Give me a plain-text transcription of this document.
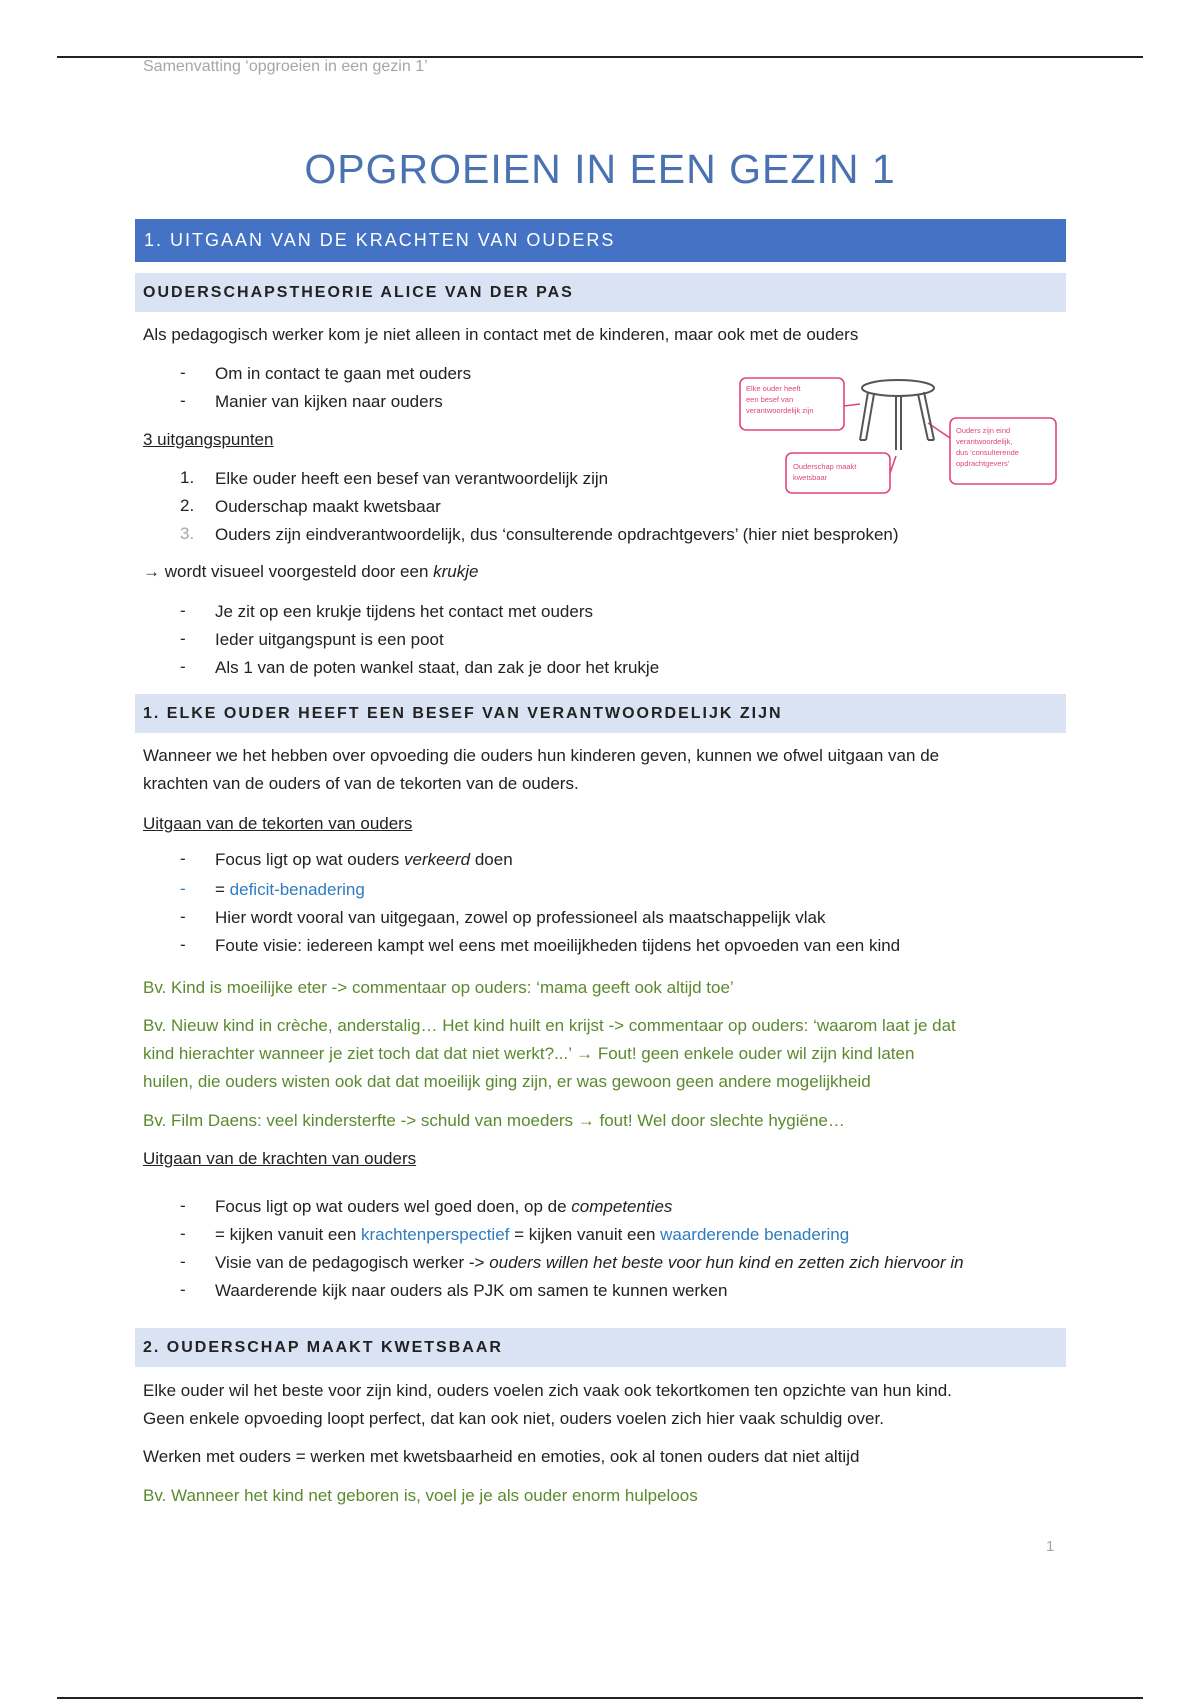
Samenvatting ‘opgroeien in een gezin 1’
OPGROEIEN IN EEN GEZIN 1
1. UITGAAN VAN DE KRACHTEN VAN OUDERS
OUDERSCHAPSTHEORIE ALICE VAN DER PAS
Als pedagogisch werker kom je niet alleen in contact met de kinderen, maar ook met de ouders
- Om in contact te gaan met ouders
- Manier van kijken naar ouders
3 uitgangspunten
1. Elke ouder heeft een besef van verantwoordelijk zijn
2. Ouderschap maakt kwetsbaar
3. Ouders zijn eindverantwoordelijk, dus ‘consulterende opdrachtgevers’ (hier niet besproken)
→ wordt visueel voorgesteld door een krukje
- Je zit op een krukje tijdens het contact met ouders
- Ieder uitgangspunt is een poot
- Als 1 van de poten wankel staat, dan zak je door het krukje
Elke ouder heeft
een besef van
verantwoordelijk zijn
Ouderschap maakt
kwetsbaar
Ouders zijn eind
verantwoordelijk,
dus ‘consulterende
opdrachtgevers’
1. ELKE OUDER HEEFT EEN BESEF VAN VERANTWOORDELIJK ZIJN
Wanneer we het hebben over opvoeding die ouders hun kinderen geven, kunnen we ofwel uitgaan van de
krachten van de ouders of van de tekorten van de ouders.
Uitgaan van de tekorten van ouders
- Focus ligt op wat ouders verkeerd doen
- = deficit-benadering
- Hier wordt vooral van uitgegaan, zowel op professioneel als maatschappelijk vlak
- Foute visie: iedereen kampt wel eens met moeilijkheden tijdens het opvoeden van een kind
Bv. Kind is moeilijke eter -> commentaar op ouders: ‘mama geeft ook altijd toe’
Bv. Nieuw kind in crèche, anderstalig… Het kind huilt en krijst -> commentaar op ouders: ‘waarom laat je dat
kind hierachter wanneer je ziet toch dat dat niet werkt?...’ → Fout! geen enkele ouder wil zijn kind laten
huilen, die ouders wisten ook dat dat moeilijk ging zijn, er was gewoon geen andere mogelijkheid
Bv. Film Daens: veel kindersterfte -> schuld van moeders → fout! Wel door slechte hygiëne…
Uitgaan van de krachten van ouders
- Focus ligt op wat ouders wel goed doen, op de competenties
- = kijken vanuit een krachtenperspectief = kijken vanuit een waarderende benadering
- Visie van de pedagogisch werker -> ouders willen het beste voor hun kind en zetten zich hiervoor in
- Waarderende kijk naar ouders als PJK om samen te kunnen werken
2. OUDERSCHAP MAAKT KWETSBAAR
Elke ouder wil het beste voor zijn kind, ouders voelen zich vaak ook tekortkomen ten opzichte van hun kind.
Geen enkele opvoeding loopt perfect, dat kan ook niet, ouders voelen zich hier vaak schuldig over.
Werken met ouders = werken met kwetsbaarheid en emoties, ook al tonen ouders dat niet altijd
Bv. Wanneer het kind net geboren is, voel je je als ouder enorm hulpeloos
1
